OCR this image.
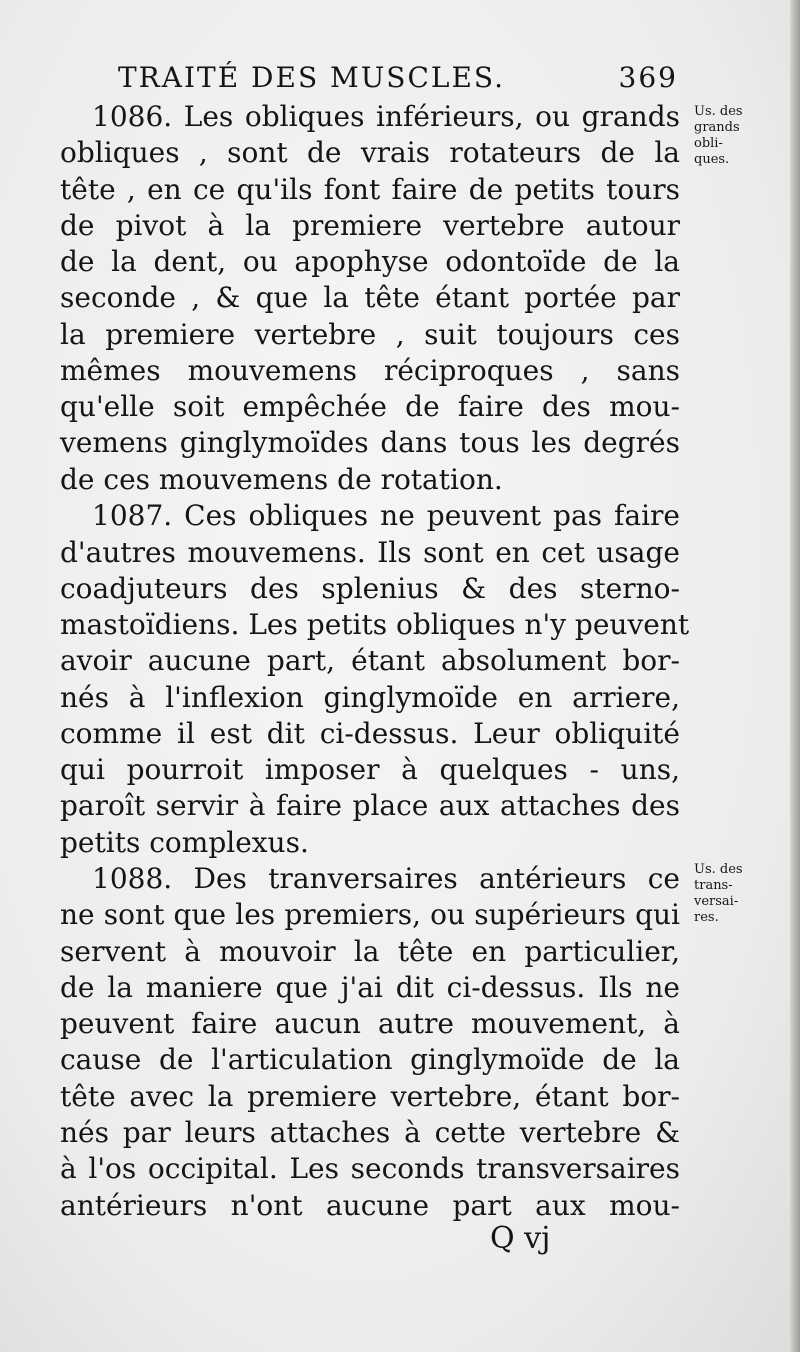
TRAITÉ DES MUSCLES.	369
1086. Les obliques inférieurs, ou grands
obliques , sont de vrais rotateurs de la
tête , en ce qu'ils font faire de petits tours
de pivot à la premiere vertebre autour
de la dent, ou apophyse odontoïde de la
seconde , & que la tête étant portée par
la premiere vertebre , suit toujours ces
mêmes mouvemens réciproques , sans
qu'elle soit empêchée de faire des mou-
vemens ginglymoïdes dans tous les degrés
de ces mouvemens de rotation.
1087. Ces obliques ne peuvent pas faire
d'autres mouvemens. Ils sont en cet usage
coadjuteurs des splenius & des sterno-
mastoïdiens. Les petits obliques n'y peuvent
avoir aucune part, étant absolument bor-
nés à l'inflexion ginglymoïde en arriere,
comme il est dit ci-dessus. Leur obliquité
qui pourroit imposer à quelques - uns,
paroît servir à faire place aux attaches des
petits complexus.
1088. Des tranversaires antérieurs ce
ne sont que les premiers, ou supérieurs qui
servent à mouvoir la tête en particulier,
de la maniere que j'ai dit ci-dessus. Ils ne
peuvent faire aucun autre mouvement, à
cause de l'articulation ginglymoïde de la
tête avec la premiere vertebre, étant bor-
nés par leurs attaches à cette vertebre &
à l'os occipital. Les seconds transversaires
antérieurs n'ont aucune part aux mou-
Us. des
grands
obli-
ques.
Us. des
trans-
versai-
res.
Q vj
